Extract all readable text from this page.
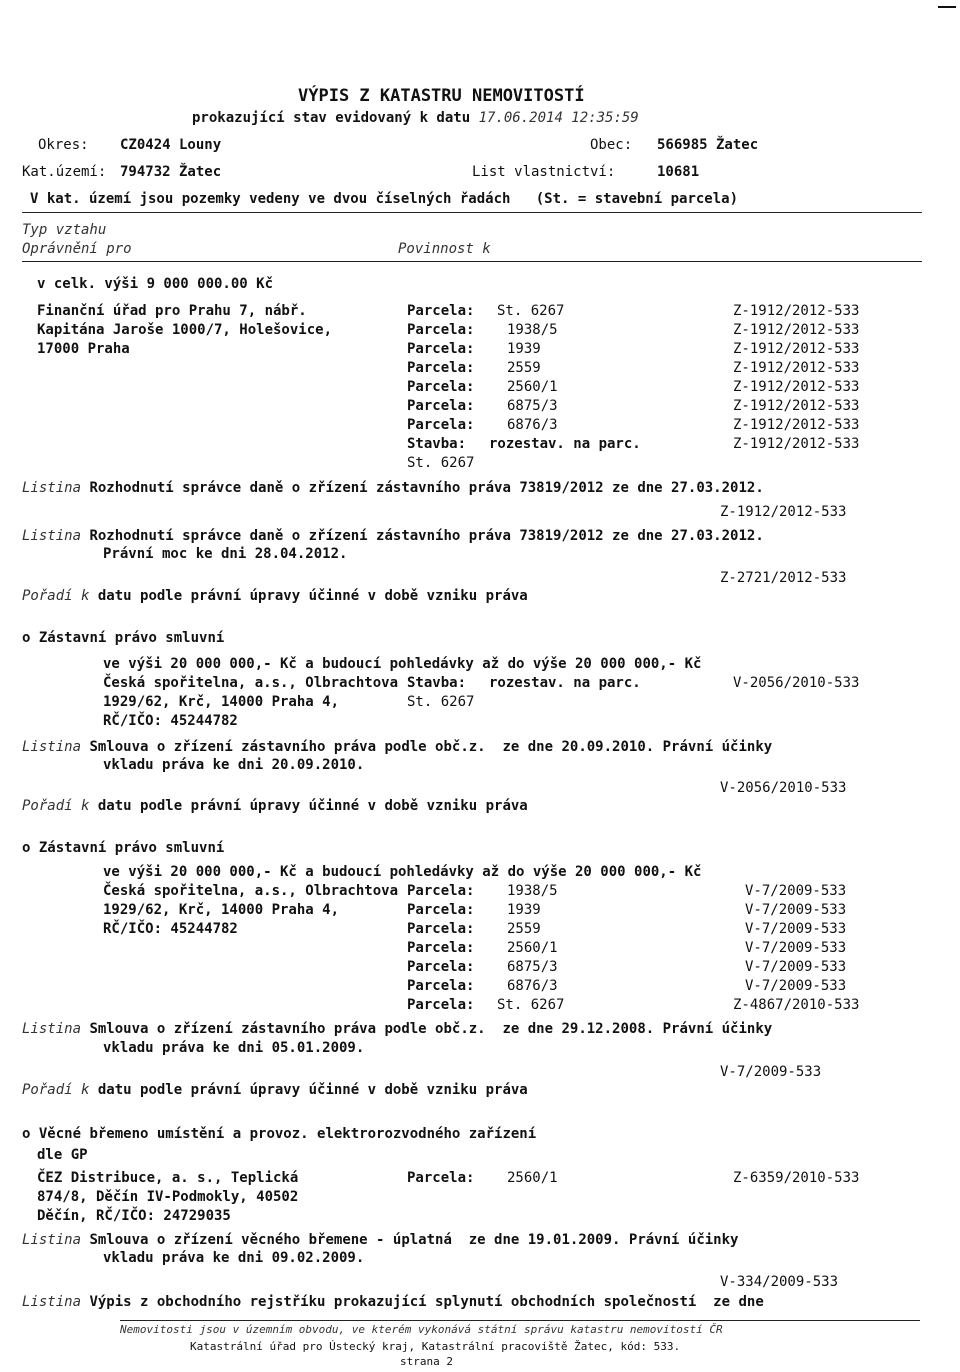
VÝPIS Z KATASTRU NEMOVITOSTÍ
prokazující stav evidovaný k datu 17.06.2014 12:35:59
Okres: CZ0424 Louny	Obec: 566985 Žatec
Kat.území: 794732 Žatec	List vlastnictví:	10681
V kat. území jsou pozemky vedeny ve dvou číselných řadách   (St. = stavební parcela)
Typ vztahu
Oprávnění pro	Povinnost k
v celk. výši 9 000 000.00 Kč
Finanční úřad pro Prahu 7, nábř.
Kapitána Jaroše 1000/7, Holešovice,
17000 Praha
Parcela: St. 6267	Z-1912/2012-533
Parcela: 1938/5	Z-1912/2012-533
Parcela: 1939	Z-1912/2012-533
Parcela: 2559	Z-1912/2012-533
Parcela: 2560/1	Z-1912/2012-533
Parcela: 6875/3	Z-1912/2012-533
Parcela: 6876/3	Z-1912/2012-533
Stavba: rozestav. na parc.	Z-1912/2012-533
St. 6267
Listina Rozhodnutí správce daně o zřízení zástavního práva 73819/2012 ze dne 27.03.2012.
Z-1912/2012-533
Listina Rozhodnutí správce daně o zřízení zástavního práva 73819/2012 ze dne 27.03.2012.
Právní moc ke dni 28.04.2012.
Z-2721/2012-533
Pořadí k datu podle právní úpravy účinné v době vzniku práva
o Zástavní právo smluvní
ve výši 20 000 000,- Kč a budoucí pohledávky až do výše 20 000 000,- Kč
Česká spořitelna, a.s., Olbrachtova
1929/62, Krč, 14000 Praha 4,
RČ/IČO: 45244782
Stavba: rozestav. na parc.	V-2056/2010-533
St. 6267
Listina Smlouva o zřízení zástavního práva podle obč.z.  ze dne 20.09.2010. Právní účinky
vkladu práva ke dni 20.09.2010.
V-2056/2010-533
Pořadí k datu podle právní úpravy účinné v době vzniku práva
o Zástavní právo smluvní
ve výši 20 000 000,- Kč a budoucí pohledávky až do výše 20 000 000,- Kč
Česká spořitelna, a.s., Olbrachtova
1929/62, Krč, 14000 Praha 4,
RČ/IČO: 45244782
Parcela: 1938/5	V-7/2009-533
Parcela: 1939	V-7/2009-533
Parcela: 2559	V-7/2009-533
Parcela: 2560/1	V-7/2009-533
Parcela: 6875/3	V-7/2009-533
Parcela: 6876/3	V-7/2009-533
Parcela: St. 6267	Z-4867/2010-533
Listina Smlouva o zřízení zástavního práva podle obč.z.  ze dne 29.12.2008. Právní účinky
vkladu práva ke dni 05.01.2009.
V-7/2009-533
Pořadí k datu podle právní úpravy účinné v době vzniku práva
o Věcné břemeno umístění a provoz. elektrorozvodného zařízení
dle GP
ČEZ Distribuce, a. s., Teplická
874/8, Děčín IV-Podmokly, 40502
Děčín, RČ/IČO: 24729035
Parcela: 2560/1	Z-6359/2010-533
Listina Smlouva o zřízení věcného břemene - úplatná  ze dne 19.01.2009. Právní účinky
vkladu práva ke dni 09.02.2009.
V-334/2009-533
Listina Výpis z obchodního rejstříku prokazující splynutí obchodních společností  ze dne
Nemovitosti jsou v územním obvodu, ve kterém vykonává státní správu katastru nemovitostí ČR
Katastrální úřad pro Ústecký kraj, Katastrální pracoviště Žatec, kód: 533.
strana 2
